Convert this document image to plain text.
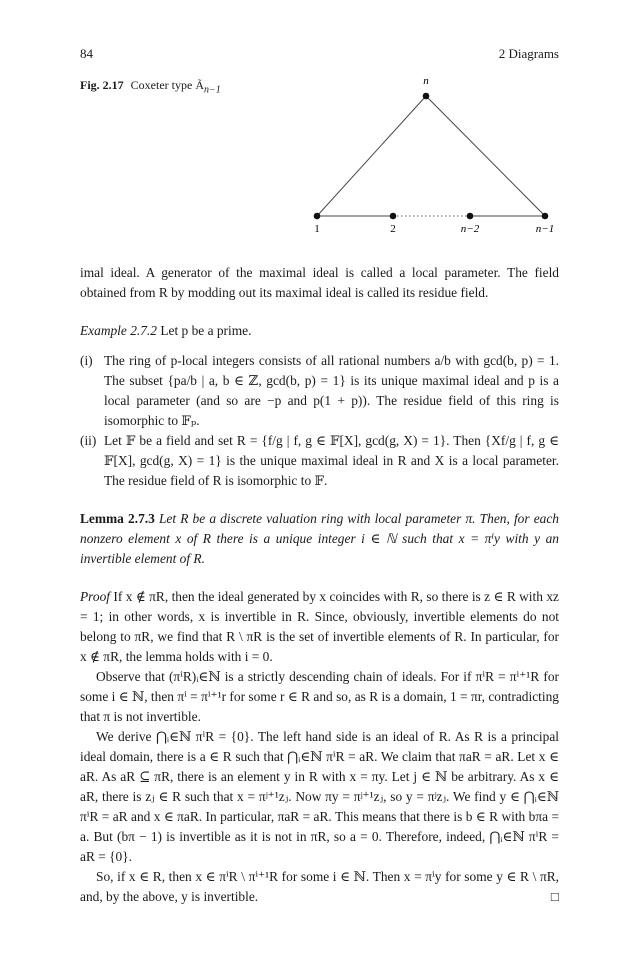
84	2 Diagrams
Fig. 2.17 Coxeter type $Ã_{n-1}$
n
1	2	n−2	n−1

imal ideal. A generator of the maximal ideal is called a local parameter. The field obtained from R by modding out its maximal ideal is called its residue field.

Example 2.7.2 Let p be a prime.

(i) The ring of p-local integers consists of all rational numbers a/b with gcd(b, p) = 1. The subset {pa/b | a, b ∈ ℤ, gcd(b, p) = 1} is its unique maximal ideal and p is a local parameter (and so are −p and p(1 + p)). The residue field of this ring is isomorphic to 𝔽ₚ.
(ii) Let 𝔽 be a field and set R = {f/g | f, g ∈ 𝔽[X], gcd(g, X) = 1}. Then {Xf/g | f, g ∈ 𝔽[X], gcd(g, X) = 1} is the unique maximal ideal in R and X is a local parameter. The residue field of R is isomorphic to 𝔽.

Lemma 2.7.3 Let R be a discrete valuation ring with local parameter π. Then, for each nonzero element x of R there is a unique integer i ∈ ℕ such that x = πⁱy with y an invertible element of R.

Proof If x ∉ πR, then the ideal generated by x coincides with R, so there is z ∈ R with xz = 1; in other words, x is invertible in R. Since, obviously, invertible elements do not belong to πR, we find that R \ πR is the set of invertible elements of R. In particular, for x ∉ πR, the lemma holds with i = 0.

Observe that (πⁱR)ᵢ∈ℕ is a strictly descending chain of ideals. For if πⁱR = πⁱ⁺¹R for some i ∈ ℕ, then πⁱ = πⁱ⁺¹r for some r ∈ R and so, as R is a domain, 1 = πr, contradicting that π is not invertible.

We derive ⋂ᵢ∈ℕ πⁱR = {0}. The left hand side is an ideal of R. As R is a principal ideal domain, there is a ∈ R such that ⋂ᵢ∈ℕ πⁱR = aR. We claim that πaR = aR. Let x ∈ aR. As aR ⊆ πR, there is an element y in R with x = πy. Let j ∈ ℕ be arbitrary. As x ∈ aR, there is zⱼ ∈ R such that x = πʲ⁺¹zⱼ. Now πy = πʲ⁺¹zⱼ, so y = πʲzⱼ. We find y ∈ ⋂ᵢ∈ℕ πⁱR = aR and x ∈ πaR. In particular, πaR = aR. This means that there is b ∈ R with bπa = a. But (bπ − 1) is invertible as it is not in πR, so a = 0. Therefore, indeed, ⋂ᵢ∈ℕ πⁱR = aR = {0}.

So, if x ∈ R, then x ∈ πⁱR \ πⁱ⁺¹R for some i ∈ ℕ. Then x = πⁱy for some y ∈ R \ πR, and, by the above, y is invertible.	□
